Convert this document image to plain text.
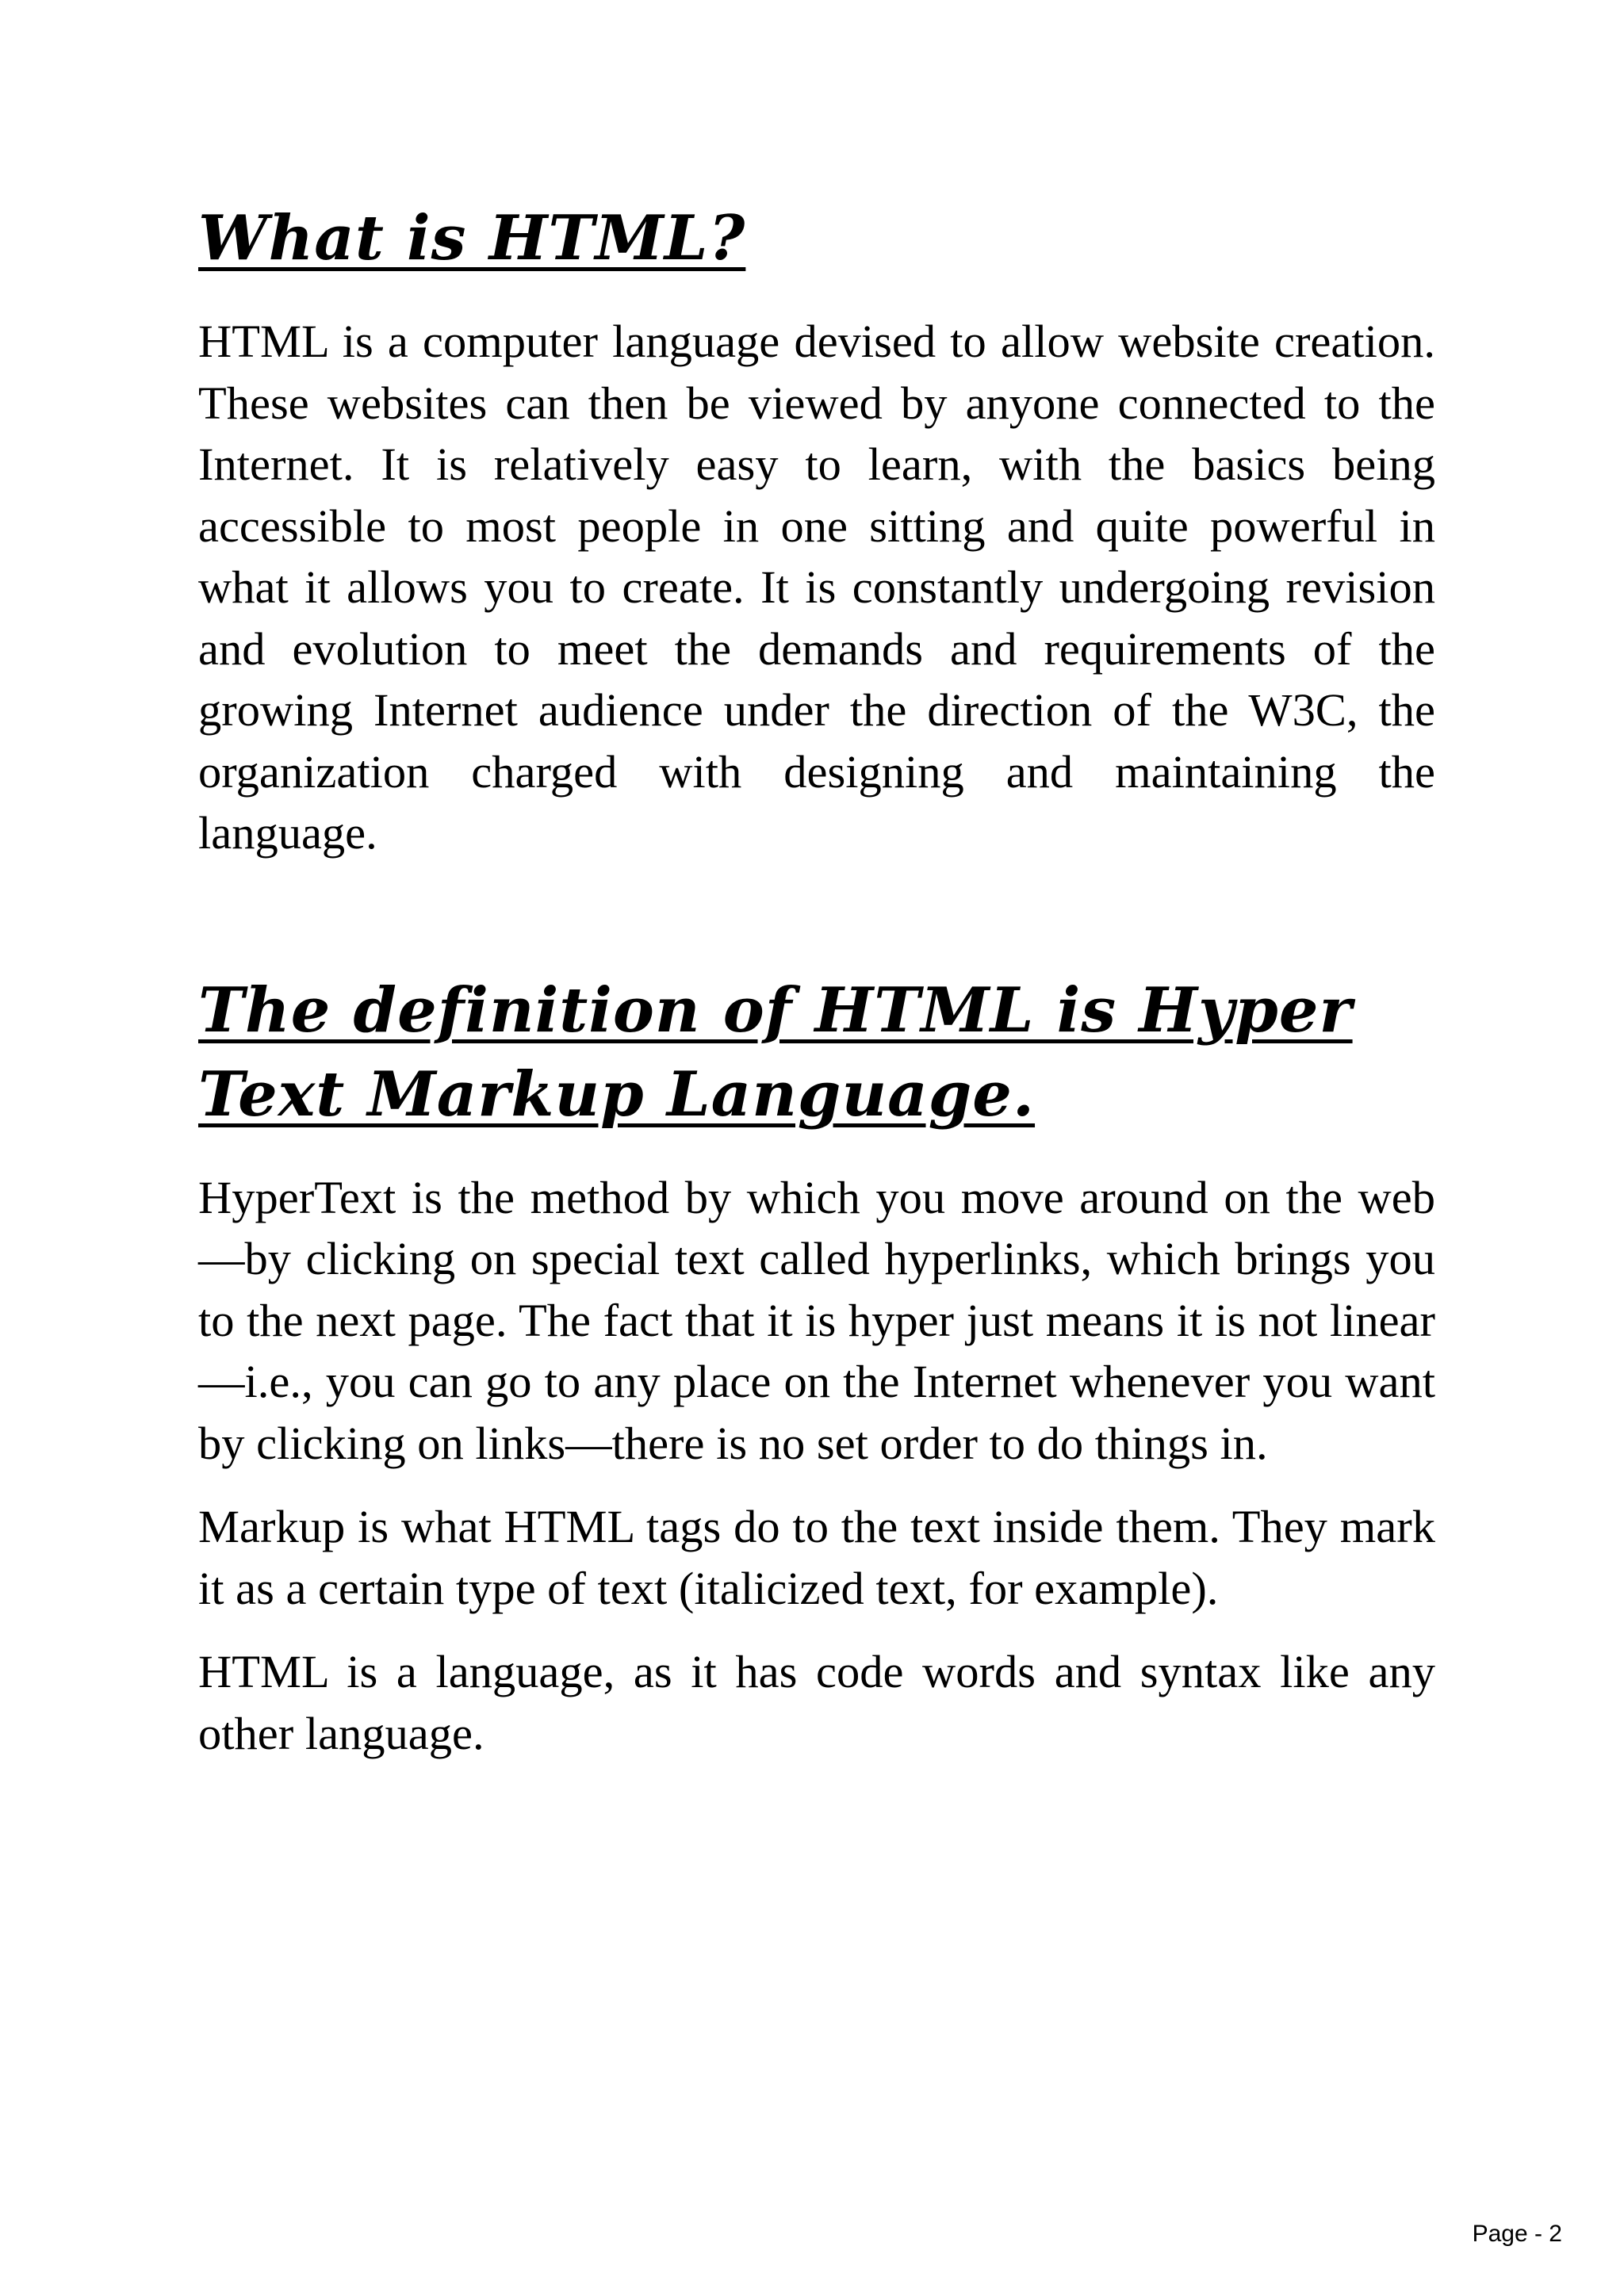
What is HTML?

HTML is a computer language devised to allow website creation. These websites can then be viewed by anyone connected to the Internet. It is relatively easy to learn, with the basics being accessible to most people in one sitting and quite powerful in what it allows you to create. It is constantly undergoing revision and evolution to meet the demands and requirements of the growing Internet audience under the direction of the W3C, the organization charged with designing and maintaining the language.

The definition of HTML is Hyper Text Markup Language.

HyperText is the method by which you move around on the web—by clicking on special text called hyperlinks, which brings you to the next page. The fact that it is hyper just means it is not linear—i.e., you can go to any place on the Internet whenever you want by clicking on links—there is no set order to do things in.

Markup is what HTML tags do to the text inside them. They mark it as a certain type of text (italicized text, for example).

HTML is a language, as it has code words and syntax like any other language.

Page - 2
